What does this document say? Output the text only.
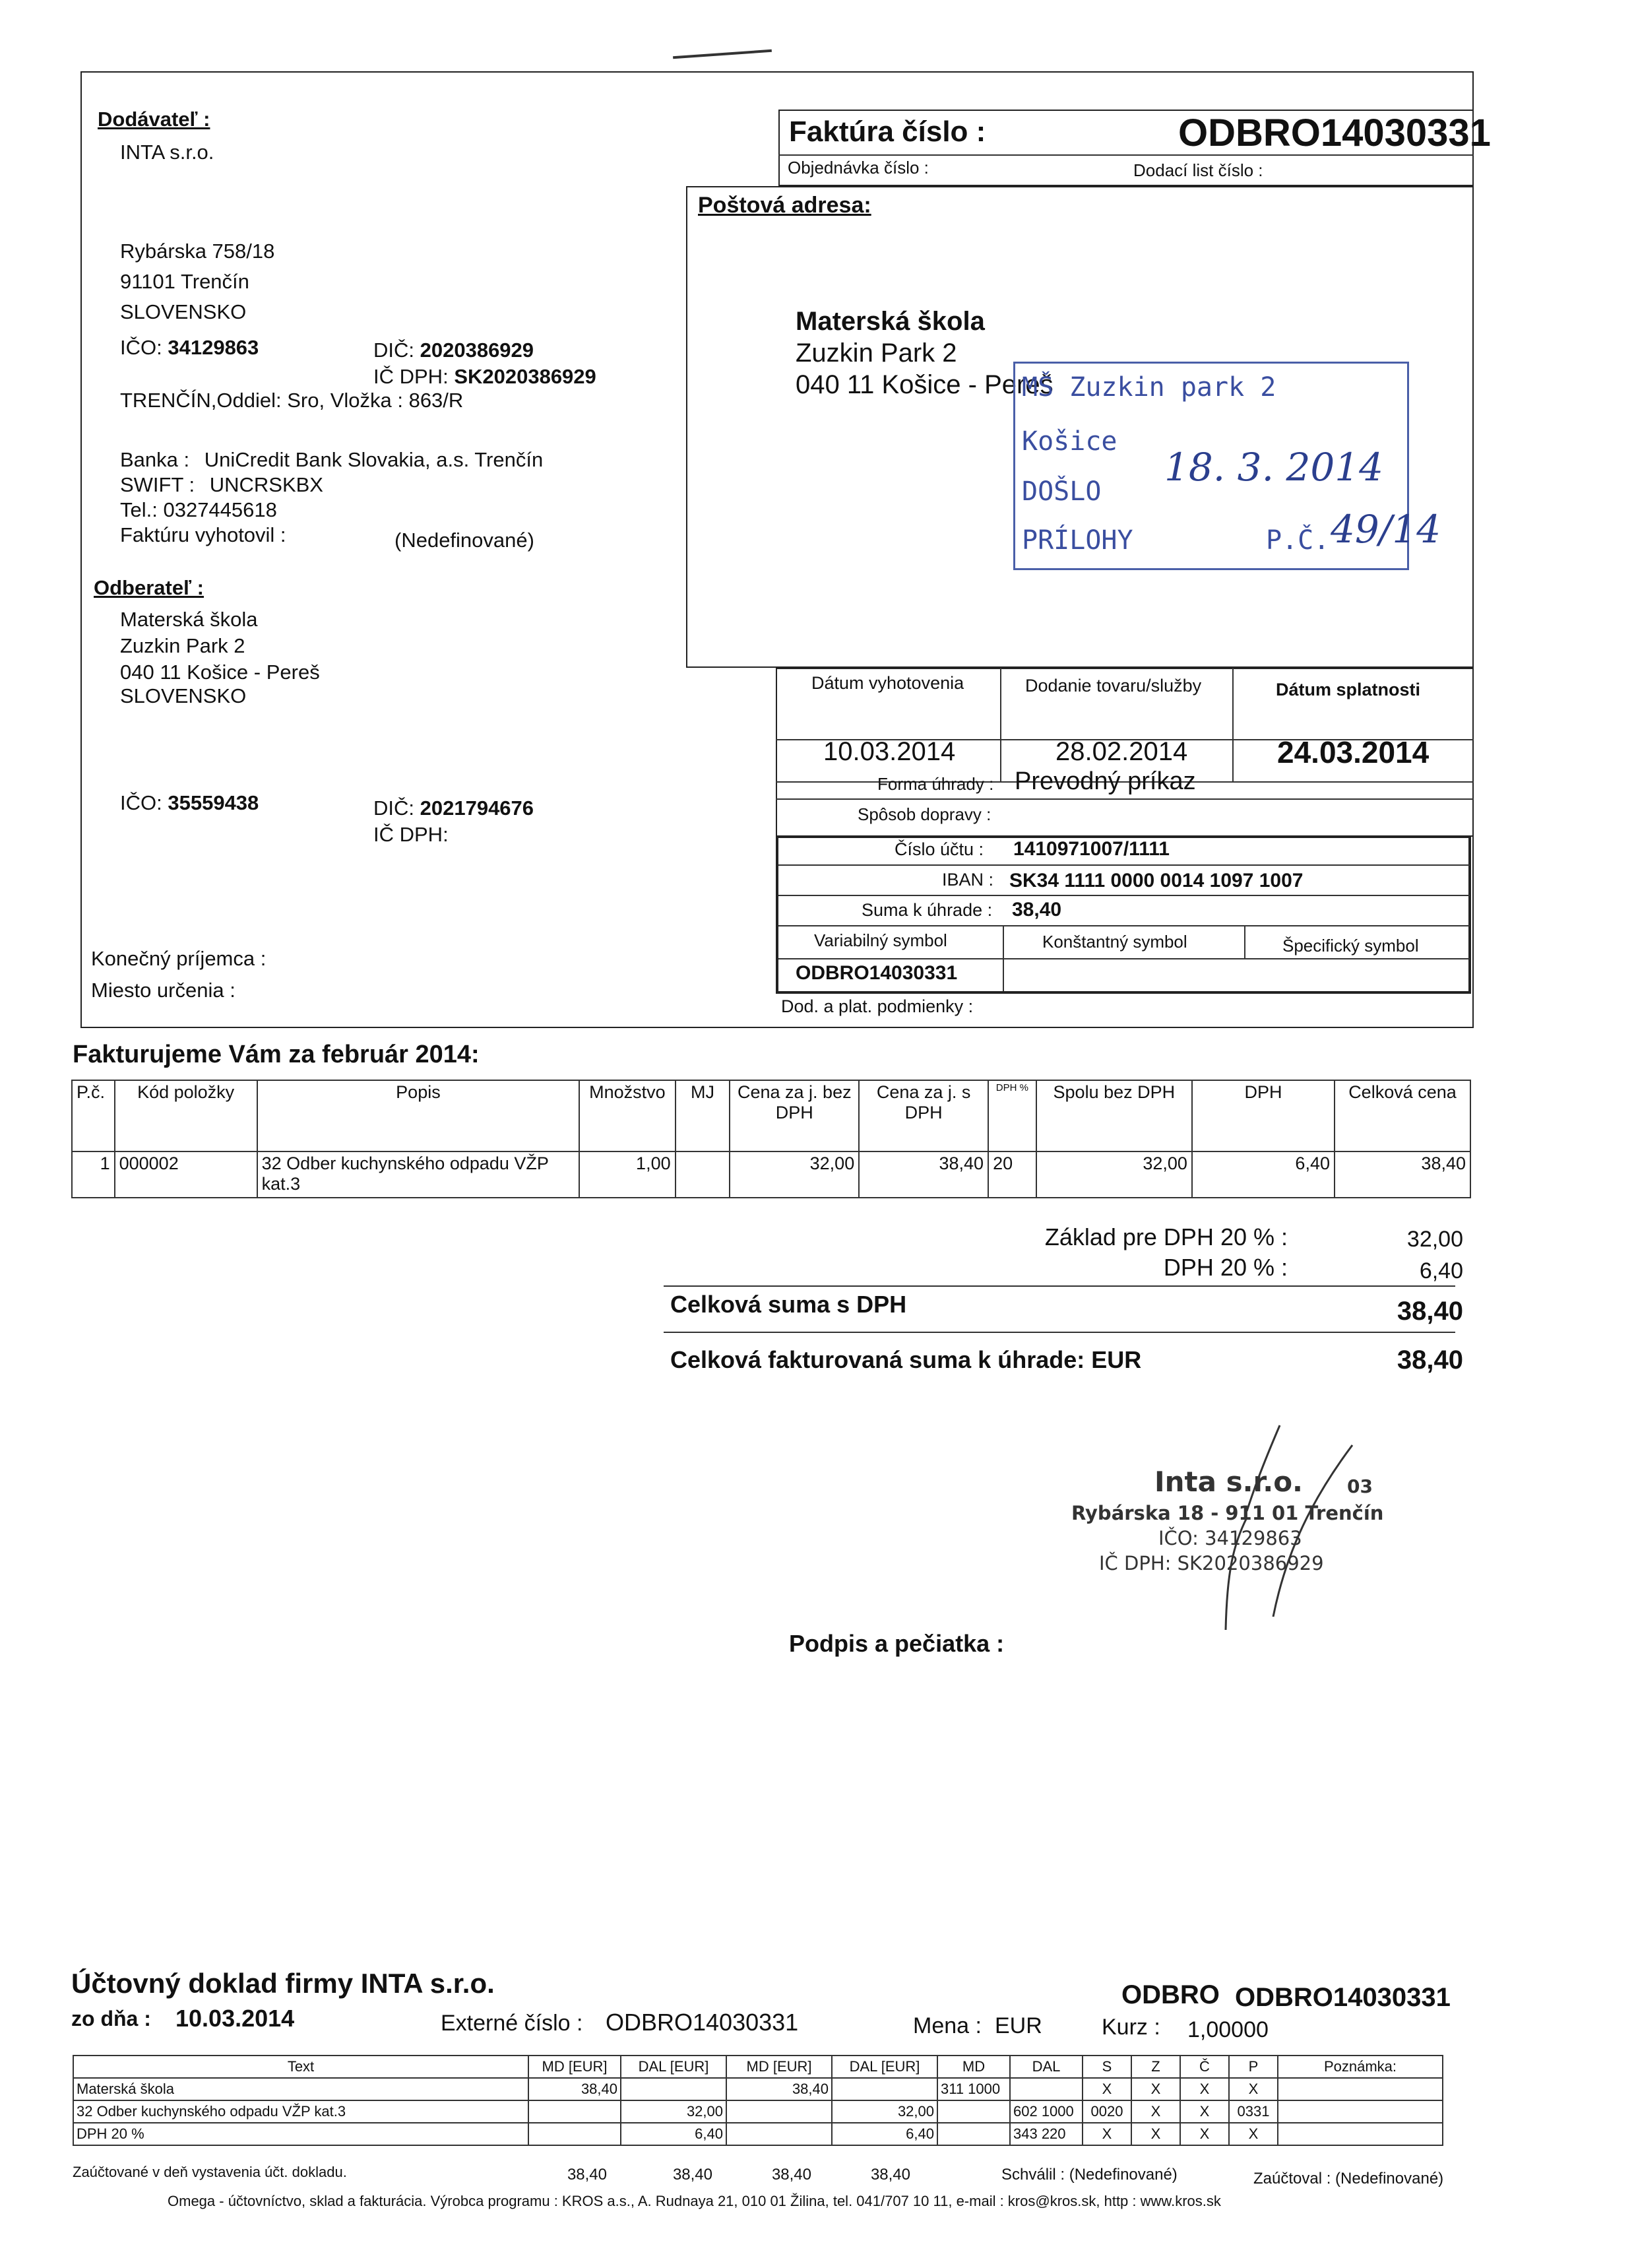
Dodávateľ :
INTA s.r.o.
Rybárska 758/18
91101 Trenčín
SLOVENSKO
IČO: 34129863	DIČ: 2020386929
IČ DPH: SK2020386929
TRENČÍN,Oddiel: Sro, Vložka : 863/R
Banka : UniCredit Bank Slovakia, a.s. Trenčín
SWIFT : UNCRSKBX
Tel.: 0327445618
Faktúru vyhotovil :	(Nedefinované)
Odberateľ :
Materská škola
Zuzkin Park 2
040 11 Košice - Pereš
SLOVENSKO
IČO: 35559438	DIČ: 2021794676
IČ DPH:
Konečný príjemca :
Miesto určenia :
Faktúra číslo :	ODBRO14030331
Objednávka číslo :	Dodací list číslo :
Poštová adresa:
Materská škola
Zuzkin Park 2
040 11 Košice - Pereš
MŠ Zuzkin park 2
Košice
DOŠLO
18. 3. 2014
PRÍLOHY	P.Č. 49/14
Dátum vyhotovenia	Dodanie tovaru/služby	Dátum splatnosti
10.03.2014	28.02.2014	24.03.2014
Forma úhrady : Prevodný príkaz
Spôsob dopravy :
Číslo účtu : 1410971007/1111
IBAN : SK34 1111 0000 0014 1097 1007
Suma k úhrade : 38,40
Variabilný symbol	Konštantný symbol	Špecifický symbol
ODBRO14030331
Dod. a plat. podmienky :
Fakturujeme Vám za február 2014:
P.č.	Kód položky	Popis	Množstvo	MJ	Cena za j. bez DPH	Cena za j. s DPH	DPH %	Spolu bez DPH	DPH	Celková cena
1	000002	32 Odber kuchynského odpadu VŽP kat.3	1,00		32,00	38,40	20	32,00	6,40	38,40
Základ pre DPH 20 % :	32,00
DPH 20 % :	6,40
Celková suma s DPH	38,40
Celková fakturovaná suma k úhrade: EUR	38,40
Inta s.r.o. 03
Rybárska 18 - 911 01 Trenčín
IČO: 34129863
IČ DPH: SK2020386929
Podpis a pečiatka :
Účtovný doklad firmy INTA s.r.o.	ODBRO ODBRO14030331
zo dňa : 10.03.2014	Externé číslo : ODBRO14030331	Mena : EUR	Kurz : 1,00000
Text	MD [EUR]	DAL [EUR]	MD [EUR]	DAL [EUR]	MD	DAL	S	Z	Č	P	Poznámka:
Materská škola	38,40		38,40		311 1000		X	X	X	X	
32 Odber kuchynského odpadu VŽP kat.3		32,00		32,00		602 1000	0020	X	X	0331	
DPH 20 %		6,40		6,40		343 220	X	X	X	X	
Zaúčtované v deň vystavenia účt. dokladu.	38,40	38,40	38,40	38,40	Schválil : (Nedefinované)	Zaúčtoval : (Nedefinované)
Omega - účtovníctvo, sklad a fakturácia. Výrobca programu : KROS a.s., A. Rudnaya 21, 010 01 Žilina, tel. 041/707 10 11, e-mail : kros@kros.sk, http : www.kros.sk
